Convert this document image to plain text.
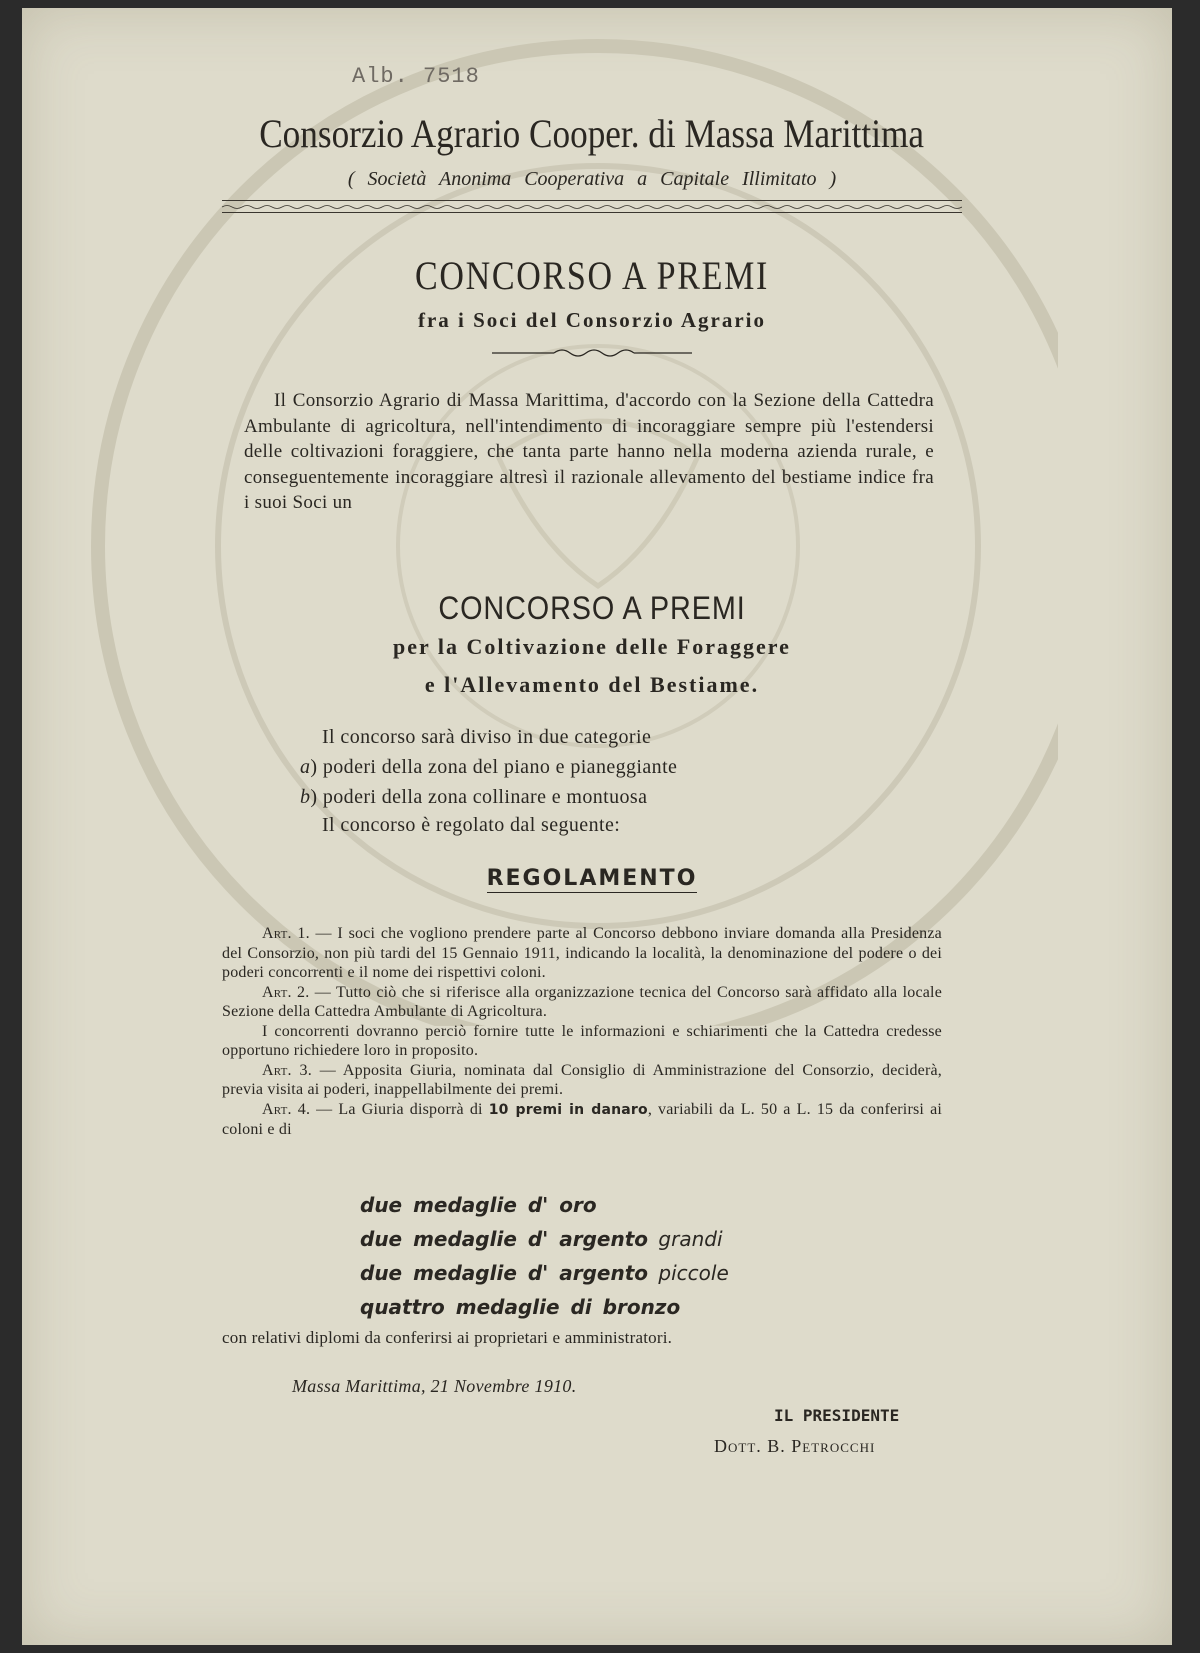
Alb. 7518
Consorzio Agrario Cooper. di Massa Marittima
( Società Anonima Cooperativa a Capitale Illimitato )
CONCORSO A PREMI
fra i Soci del Consorzio Agrario
Il Consorzio Agrario di Massa Marittima, d'accordo con la Sezione della Cattedra Ambulante di agricoltura, nell'intendimento di incoraggiare sempre più l'estendersi delle coltivazioni foraggiere, che tanta parte hanno nella moderna azienda rurale, e conseguentemente incoraggiare altresì il razionale allevamento del bestiame indice fra i suoi Soci un
CONCORSO A PREMI
per la Coltivazione delle Foraggere
e l'Allevamento del Bestiame.
Il concorso sarà diviso in due categorie
a) poderi della zona del piano e pianeggiante
b) poderi della zona collinare e montuosa
Il concorso è regolato dal seguente:
REGOLAMENTO

Art. 1. — I soci che vogliono prendere parte al Concorso debbono inviare domanda alla Presidenza del Consorzio, non più tardi del 15 Gennaio 1911, indicando la località, la denominazione del podere o dei poderi concorrenti e il nome dei rispettivi coloni.

Art. 2. — Tutto ciò che si riferisce alla organizzazione tecnica del Concorso sarà affidato alla locale Sezione della Cattedra Ambulante di Agricoltura.

I concorrenti dovranno perciò fornire tutte le informazioni e schiarimenti che la Cattedra credesse opportuno richiedere loro in proposito.

Art. 3. — Apposita Giuria, nominata dal Consiglio di Amministrazione del Consorzio, deciderà, previa visita ai poderi, inappellabilmente dei premi.

Art. 4. — La Giuria disporrà di 10 premi in danaro, variabili da L. 50 a L. 15 da conferirsi ai coloni e di

due medaglie d' oro
due medaglie d' argento grandi
due medaglie d' argento piccole
quattro medaglie di bronzo
con relativi diplomi da conferirsi ai proprietari e amministratori.
Massa Marittima, 21 Novembre 1910.
IL PRESIDENTE
Dott. B. Petrocchi
